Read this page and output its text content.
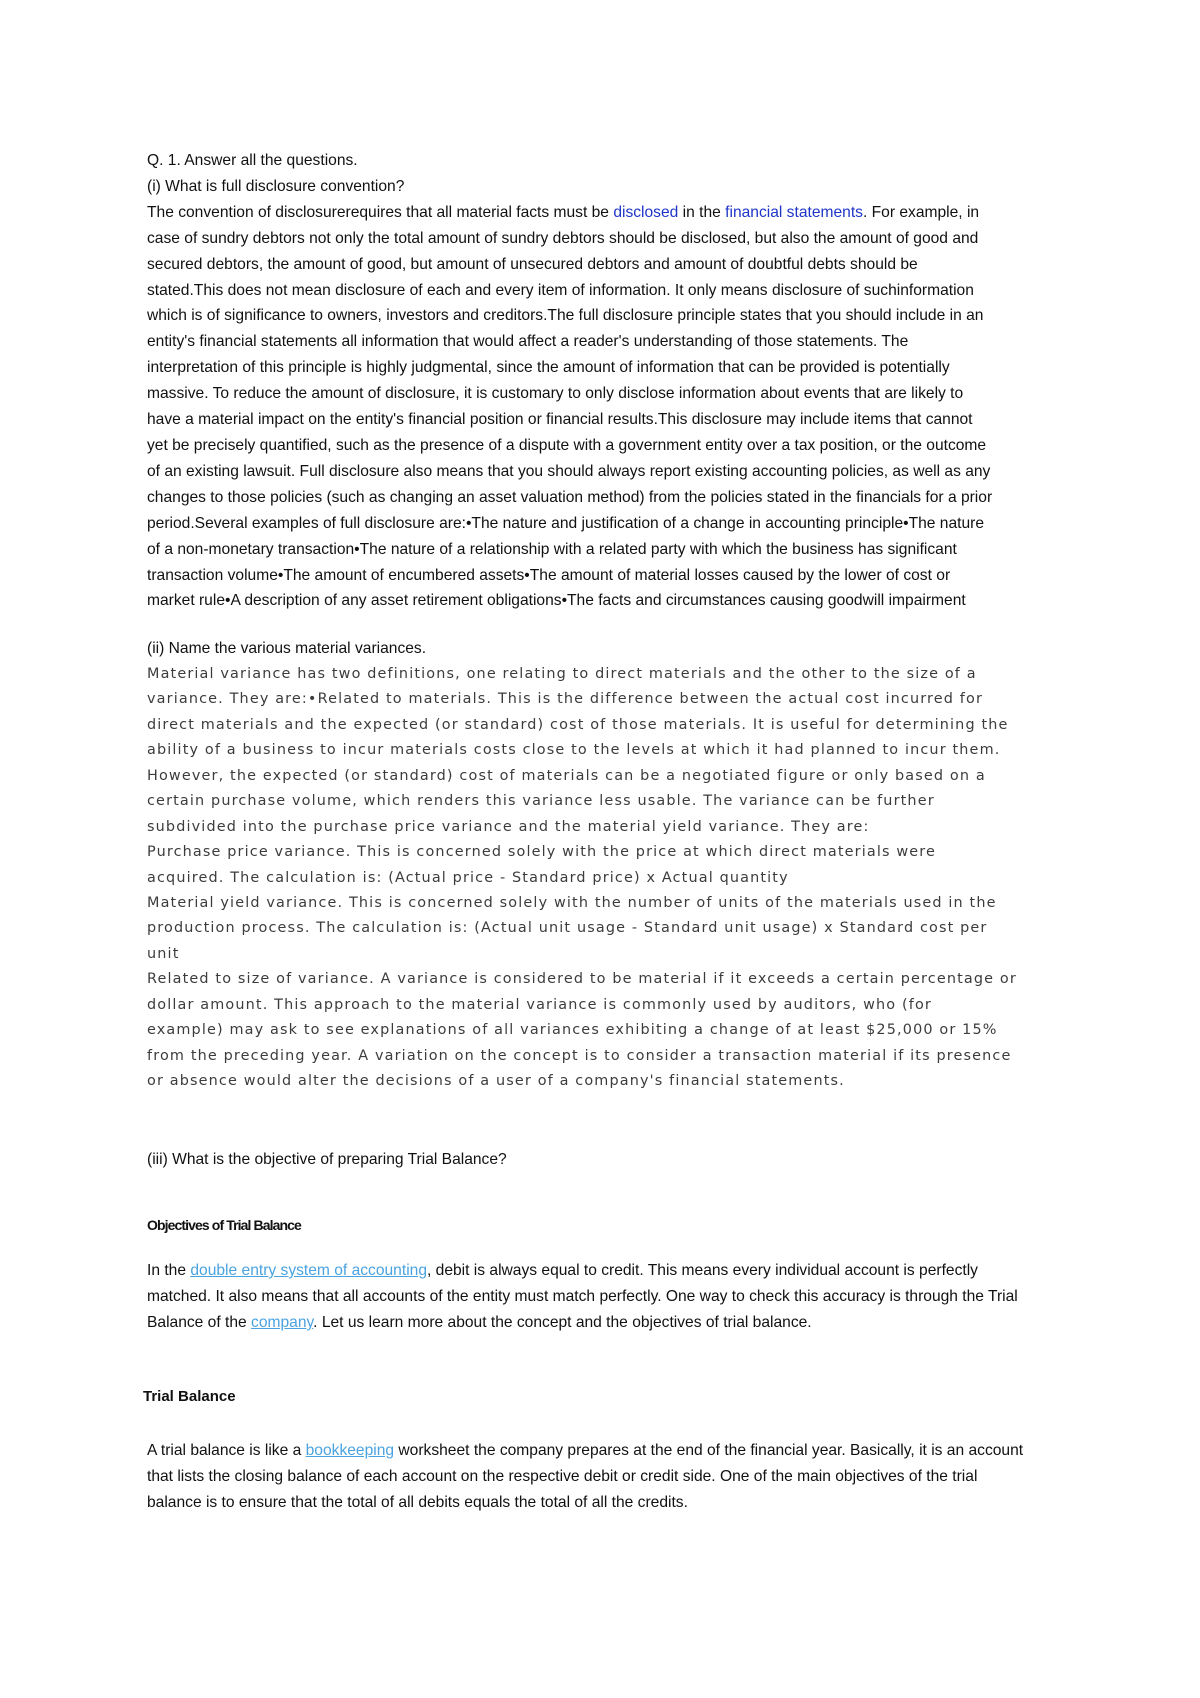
Q. 1. Answer all the questions.
(i) What is full disclosure convention?
The convention of disclosurerequires that all material facts must be disclosed in the financial statements. For example, in
case of sundry debtors not only the total amount of sundry debtors should be disclosed, but also the amount of good and
secured debtors, the amount of good, but amount of unsecured debtors and amount of doubtful debts should be
stated.This does not mean disclosure of each and every item of information. It only means disclosure of suchinformation
which is of significance to owners, investors and creditors.The full disclosure principle states that you should include in an
entity's financial statements all information that would affect a reader's understanding of those statements. The
interpretation of this principle is highly judgmental, since the amount of information that can be provided is potentially
massive. To reduce the amount of disclosure, it is customary to only disclose information about events that are likely to
have a material impact on the entity's financial position or financial results.This disclosure may include items that cannot
yet be precisely quantified, such as the presence of a dispute with a government entity over a tax position, or the outcome
of an existing lawsuit. Full disclosure also means that you should always report existing accounting policies, as well as any
changes to those policies (such as changing an asset valuation method) from the policies stated in the financials for a prior
period.Several examples of full disclosure are:•The nature and justification of a change in accounting principle•The nature
of a non-monetary transaction•The nature of a relationship with a related party with which the business has significant
transaction volume•The amount of encumbered assets•The amount of material losses caused by the lower of cost or
market rule•A description of any asset retirement obligations•The facts and circumstances causing goodwill impairment
(ii) Name the various material variances.
Material variance has two definitions, one relating to direct materials and the other to the size of a
variance. They are:•Related to materials. This is the difference between the actual cost incurred for
direct materials and the expected (or standard) cost of those materials. It is useful for determining the
ability of a business to incur materials costs close to the levels at which it had planned to incur them.
However, the expected (or standard) cost of materials can be a negotiated figure or only based on a
certain purchase volume, which renders this variance less usable. The variance can be further
subdivided into the purchase price variance and the material yield variance. They are:
Purchase price variance. This is concerned solely with the price at which direct materials were
acquired. The calculation is: (Actual price - Standard price) x Actual quantity
Material yield variance. This is concerned solely with the number of units of the materials used in the
production process. The calculation is: (Actual unit usage - Standard unit usage) x Standard cost per
unit
Related to size of variance. A variance is considered to be material if it exceeds a certain percentage or
dollar amount. This approach to the material variance is commonly used by auditors, who (for
example) may ask to see explanations of all variances exhibiting a change of at least $25,000 or 15%
from the preceding year. A variation on the concept is to consider a transaction material if its presence
or absence would alter the decisions of a user of a company's financial statements.
(iii) What is the objective of preparing Trial Balance?
Objectives of Trial Balance
In the double entry system of accounting, debit is always equal to credit. This means every individual account is perfectly
matched. It also means that all accounts of the entity must match perfectly. One way to check this accuracy is through the Trial
Balance of the company. Let us learn more about the concept and the objectives of trial balance.
Trial Balance
A trial balance is like a bookkeeping worksheet the company prepares at the end of the financial year. Basically, it is an account
that lists the closing balance of each account on the respective debit or credit side. One of the main objectives of the trial
balance is to ensure that the total of all debits equals the total of all the credits.
